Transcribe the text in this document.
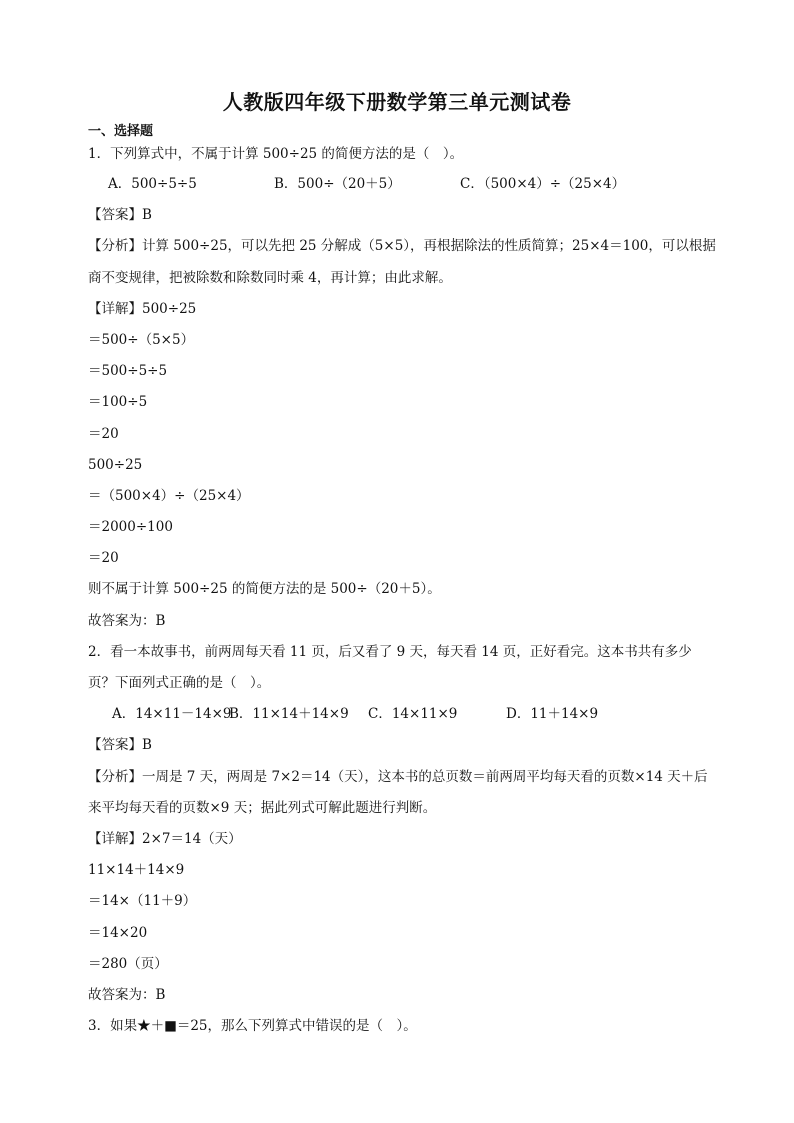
人教版四年级下册数学第三单元测试卷
一、选择题
1．下列算式中，不属于计算 500÷25 的简便方法的是（　）。
A．500÷5÷5	B．500÷（20＋5）	C．（500×4）÷（25×4）
【答案】B
【分析】计算 500÷25，可以先把 25 分解成（5×5），再根据除法的性质简算；25×4＝100，可以根据
商不变规律，把被除数和除数同时乘 4，再计算；由此求解。
【详解】500÷25
＝500÷（5×5）
＝500÷5÷5
＝100÷5
＝20
500÷25
＝（500×4）÷（25×4）
＝2000÷100
＝20
则不属于计算 500÷25 的简便方法的是 500÷（20＋5）。
故答案为：B
2．看一本故事书，前两周每天看 11 页，后又看了 9 天，每天看 14 页，正好看完。这本书共有多少
页？下面列式正确的是（　）。
A．14×11－14×9
B．11×14＋14×9 C．14×11×9	D．11＋14×9
【答案】B
【分析】一周是 7 天，两周是 7×2＝14（天），这本书的总页数＝前两周平均每天看的页数×14 天＋后
来平均每天看的页数×9 天；据此列式可解此题进行判断。
【详解】2×7＝14（天）
11×14＋14×9
＝14×（11＋9）
＝14×20
＝280（页）
故答案为：B
3．如果★＋■＝25，那么下列算式中错误的是（　）。
